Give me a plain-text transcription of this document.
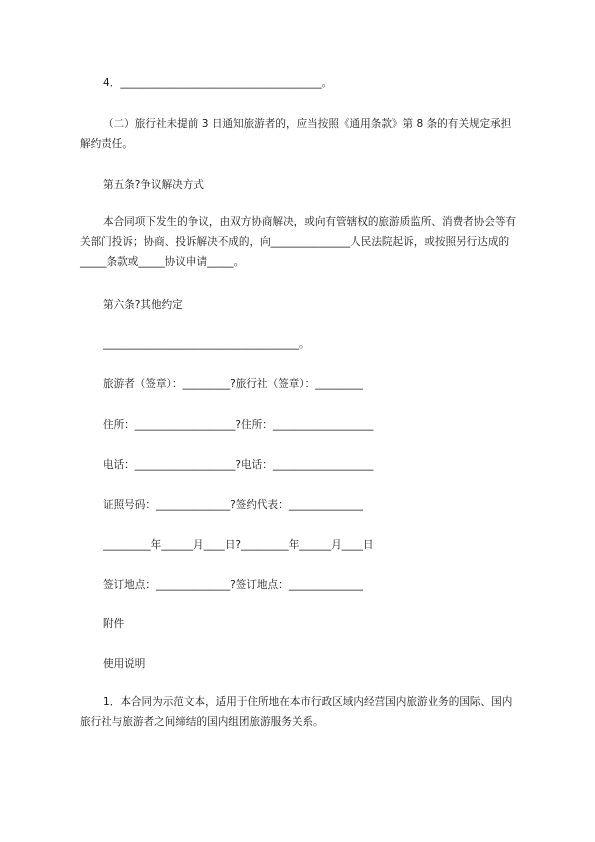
4．______________________________________。
（二）旅行社未提前 3 日通知旅游者的，应当按照《通用条款》第 8 条的有关规定承担解约责任。
第五条?争议解决方式
本合同项下发生的争议，由双方协商解决，或向有管辖权的旅游质监所、消费者协会等有关部门投诉；协商、投诉解决不成的，向_______________人民法院起诉，或按照另行达成的_____条款或_____协议申请_____。
第六条?其他约定
_____________________________________。
旅游者（签章）：_________?旅行社（签章）：_________
住所：___________________?住所：___________________
电话：___________________?电话：___________________
证照号码：______________?签约代表：______________
_________年______月____日?_________年______月____日
签订地点：______________?签订地点：______________
附件
使用说明
1．本合同为示范文本，适用于住所地在本市行政区域内经营国内旅游业务的国际、国内旅行社与旅游者之间缔结的国内组团旅游服务关系。
